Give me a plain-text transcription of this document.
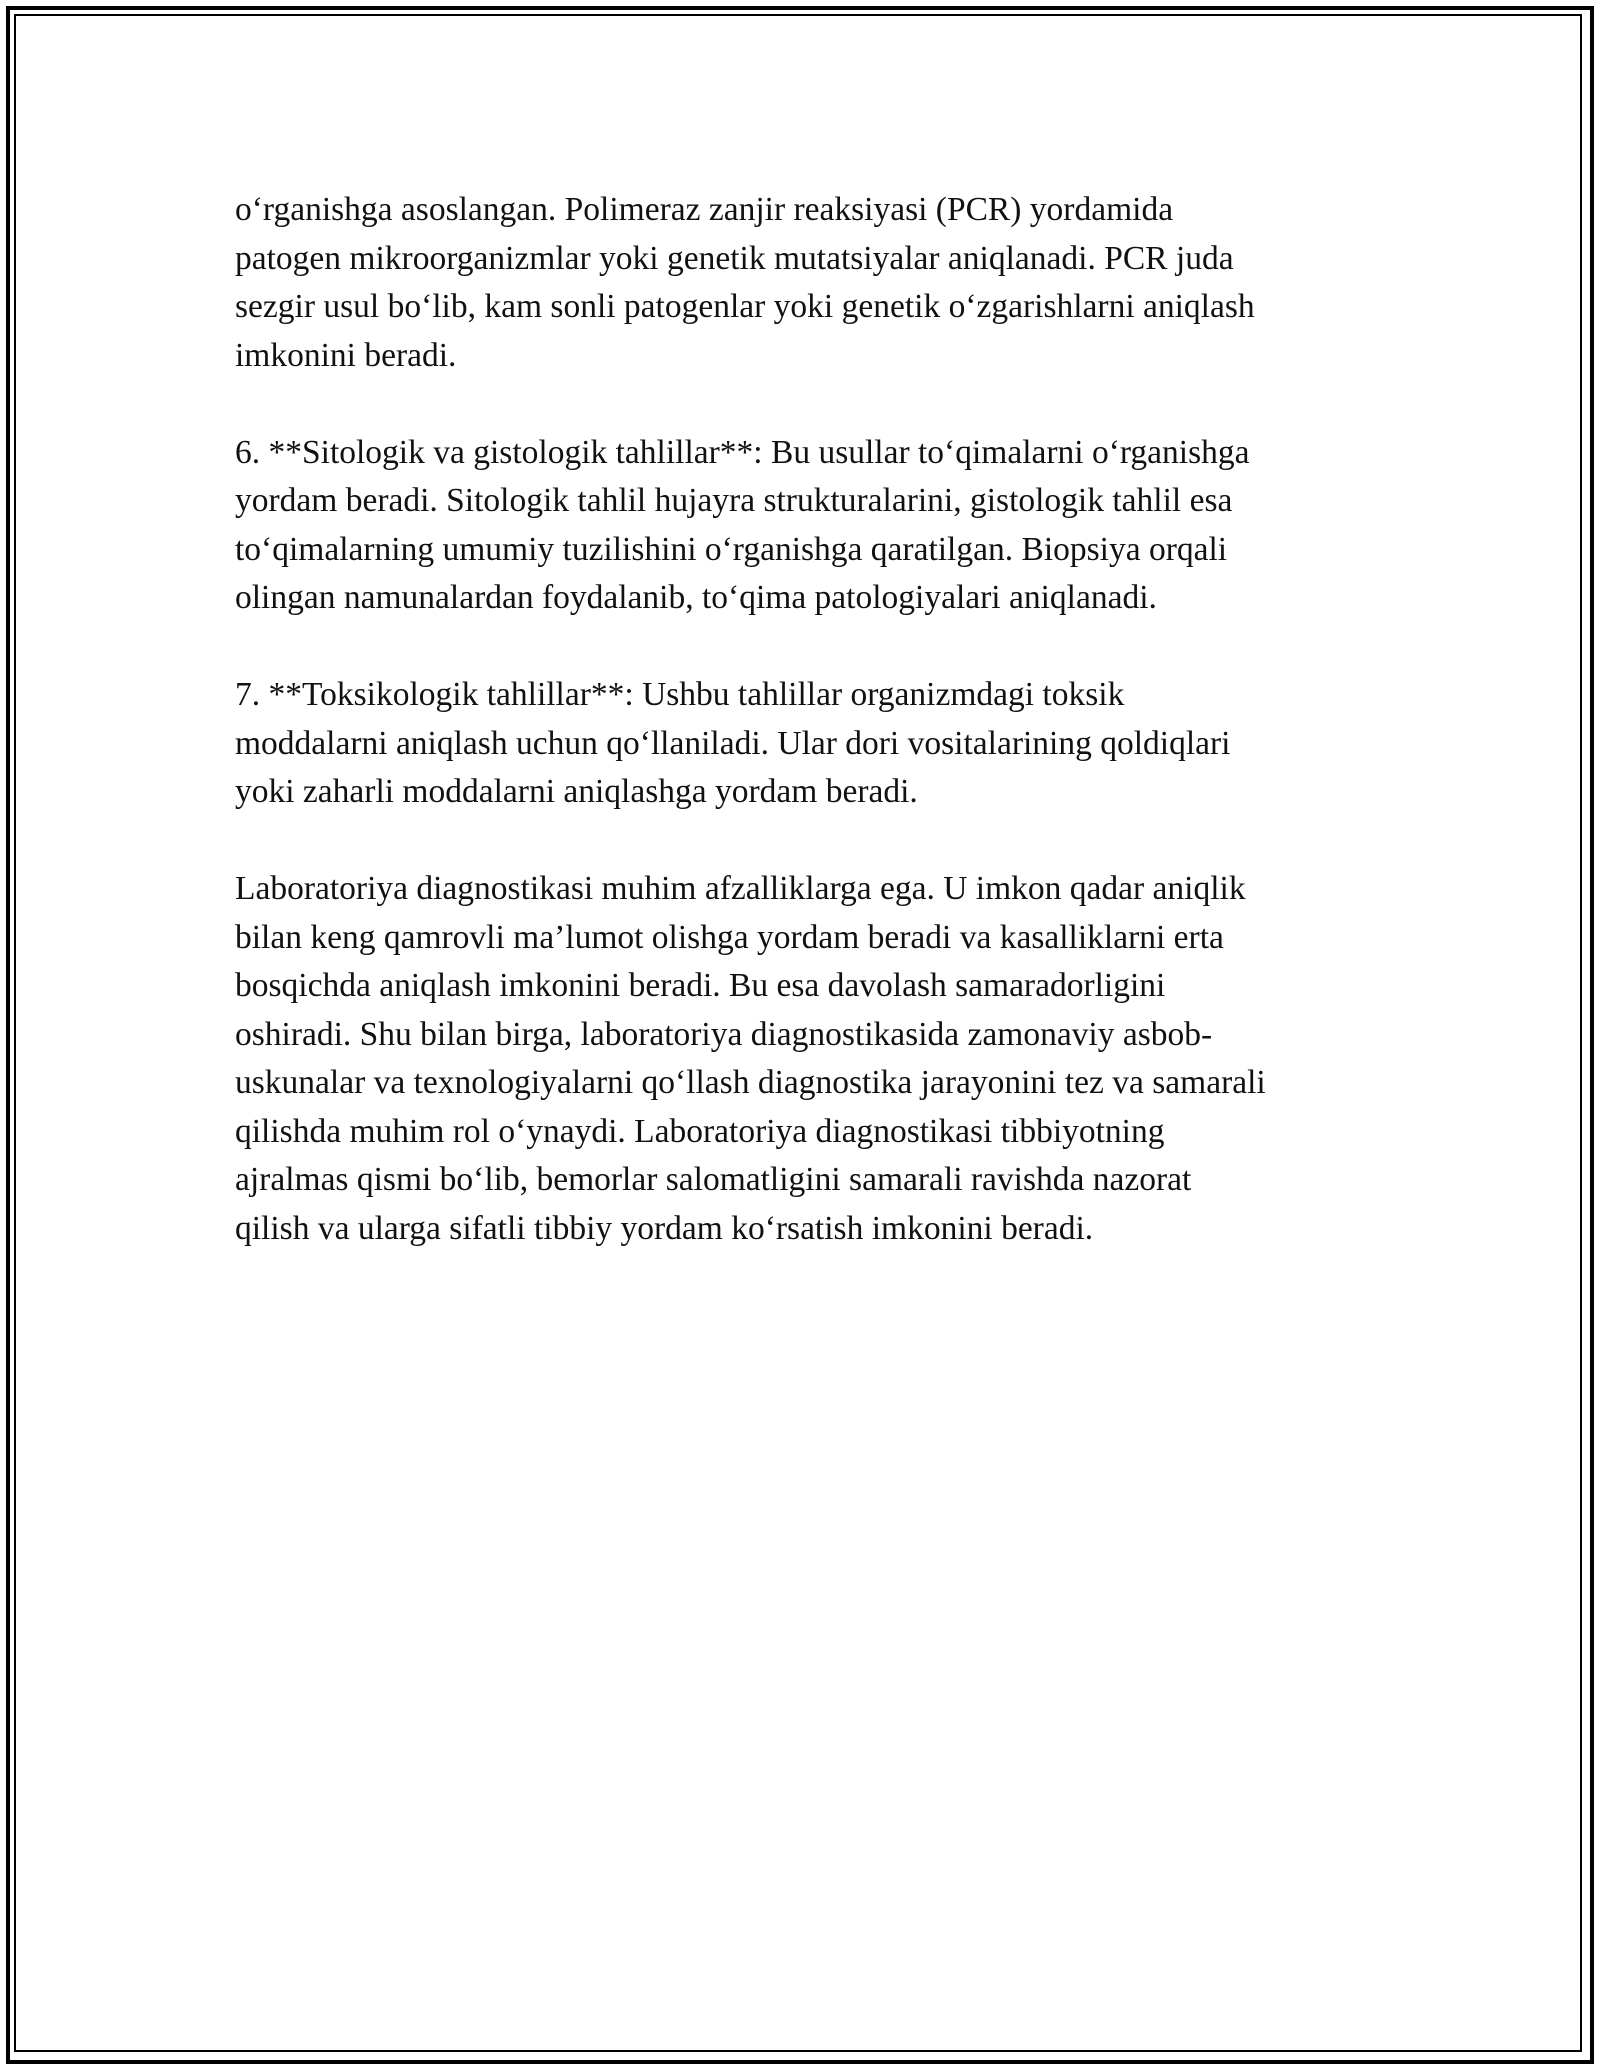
o‘rganishga asoslangan. Polimeraz zanjir reaksiyasi (PCR) yordamida
patogen mikroorganizmlar yoki genetik mutatsiyalar aniqlanadi. PCR juda
sezgir usul bo‘lib, kam sonli patogenlar yoki genetik o‘zgarishlarni aniqlash
imkonini beradi.

6. **Sitologik va gistologik tahlillar**: Bu usullar to‘qimalarni o‘rganishga
yordam beradi. Sitologik tahlil hujayra strukturalarini, gistologik tahlil esa
to‘qimalarning umumiy tuzilishini o‘rganishga qaratilgan. Biopsiya orqali
olingan namunalardan foydalanib, to‘qima patologiyalari aniqlanadi.

7. **Toksikologik tahlillar**: Ushbu tahlillar organizmdagi toksik
moddalarni aniqlash uchun qo‘llaniladi. Ular dori vositalarining qoldiqlari
yoki zaharli moddalarni aniqlashga yordam beradi.

Laboratoriya diagnostikasi muhim afzalliklarga ega. U imkon qadar aniqlik
bilan keng qamrovli ma’lumot olishga yordam beradi va kasalliklarni erta
bosqichda aniqlash imkonini beradi. Bu esa davolash samaradorligini
oshiradi. Shu bilan birga, laboratoriya diagnostikasida zamonaviy asbob-
uskunalar va texnologiyalarni qo‘llash diagnostika jarayonini tez va samarali
qilishda muhim rol o‘ynaydi. Laboratoriya diagnostikasi tibbiyotning
ajralmas qismi bo‘lib, bemorlar salomatligini samarali ravishda nazorat
qilish va ularga sifatli tibbiy yordam ko‘rsatish imkonini beradi.
